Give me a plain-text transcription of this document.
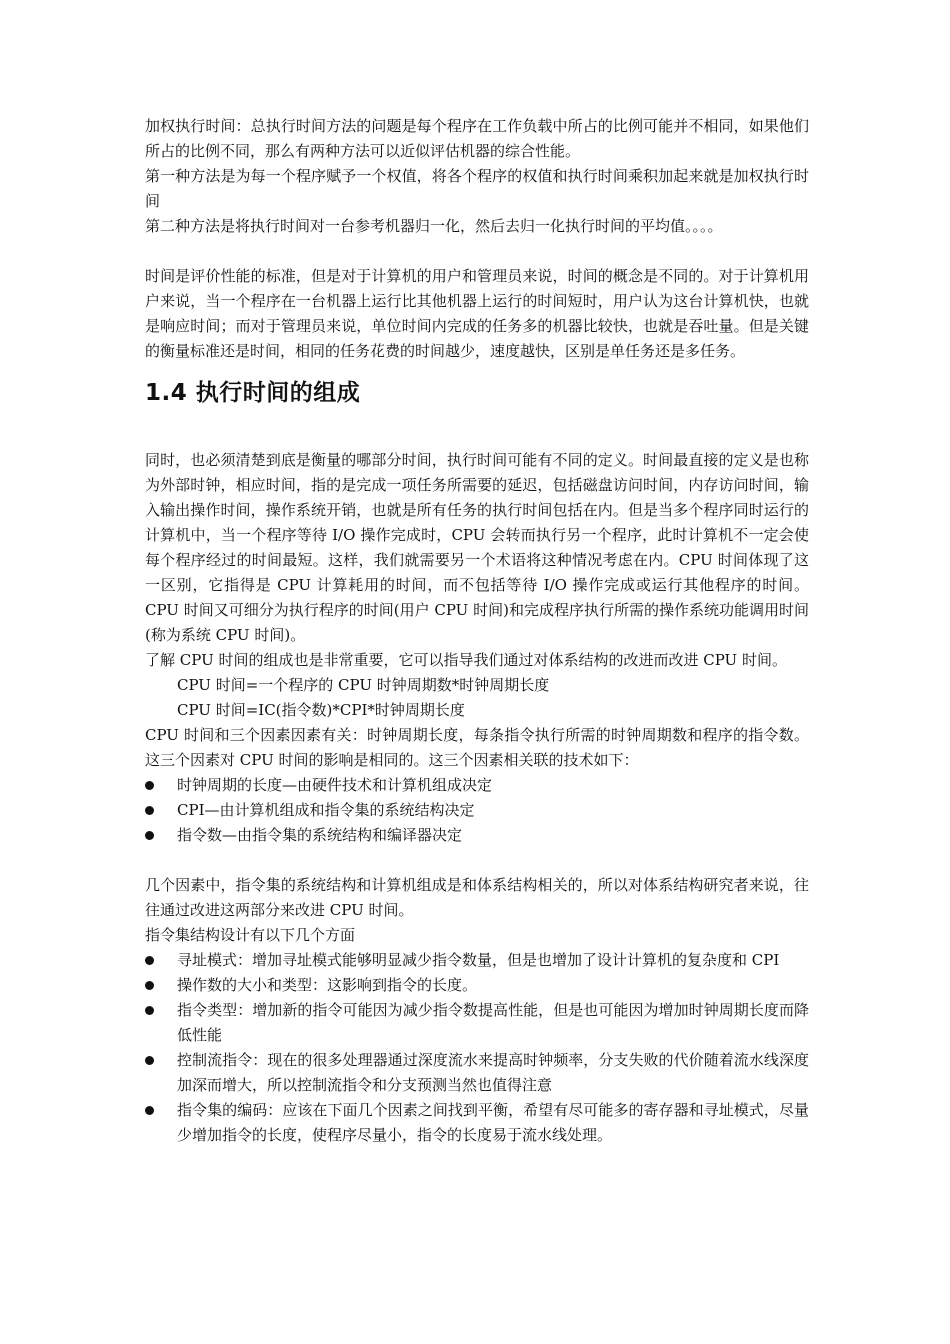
加权执行时间：总执行时间方法的问题是每个程序在工作负载中所占的比例可能并不相同，如果他们所占的比例不同，那么有两种方法可以近似评估机器的综合性能。

第一种方法是为每一个程序赋予一个权值，将各个程序的权值和执行时间乘积加起来就是加权执行时间

第二种方法是将执行时间对一台参考机器归一化，然后去归一化执行时间的平均值。。。。

时间是评价性能的标准，但是对于计算机的用户和管理员来说，时间的概念是不同的。对于计算机用户来说，当一个程序在一台机器上运行比其他机器上运行的时间短时，用户认为这台计算机快，也就是响应时间；而对于管理员来说，单位时间内完成的任务多的机器比较快，也就是吞吐量。但是关键的衡量标准还是时间，相同的任务花费的时间越少，速度越快，区别是单任务还是多任务。

1.4 执行时间的组成

同时，也必须清楚到底是衡量的哪部分时间，执行时间可能有不同的定义。时间最直接的定义是也称为外部时钟，相应时间，指的是完成一项任务所需要的延迟，包括磁盘访问时间，内存访问时间，输入输出操作时间，操作系统开销，也就是所有任务的执行时间包括在内。但是当多个程序同时运行的计算机中，当一个程序等待 I/O 操作完成时，CPU 会转而执行另一个程序，此时计算机不一定会使每个程序经过的时间最短。这样，我们就需要另一个术语将这种情况考虑在内。CPU 时间体现了这一区别，它指得是 CPU 计算耗用的时间，而不包括等待 I/O 操作完成或运行其他程序的时间。CPU 时间又可细分为执行程序的时间(用户 CPU 时间)和完成程序执行所需的操作系统功能调用时间(称为系统 CPU 时间)。

了解 CPU 时间的组成也是非常重要，它可以指导我们通过对体系结构的改进而改进 CPU 时间。

CPU 时间=一个程序的 CPU 时钟周期数*时钟周期长度

CPU 时间=IC(指令数)*CPI*时钟周期长度

CPU 时间和三个因素因素有关：时钟周期长度，每条指令执行所需的时钟周期数和程序的指令数。这三个因素对 CPU 时间的影响是相同的。这三个因素相关联的技术如下：

时钟周期的长度—由硬件技术和计算机组成决定
CPI—由计算机组成和指令集的系统结构决定
指令数—由指令集的系统结构和编译器决定

几个因素中，指令集的系统结构和计算机组成是和体系结构相关的，所以对体系结构研究者来说，往往通过改进这两部分来改进 CPU 时间。

指令集结构设计有以下几个方面

寻址模式：增加寻址模式能够明显减少指令数量，但是也增加了设计计算机的复杂度和 CPI
操作数的大小和类型：这影响到指令的长度。
指令类型：增加新的指令可能因为减少指令数提高性能，但是也可能因为增加时钟周期长度而降低性能
控制流指令：现在的很多处理器通过深度流水来提高时钟频率，分支失败的代价随着流水线深度加深而增大，所以控制流指令和分支预测当然也值得注意
指令集的编码：应该在下面几个因素之间找到平衡，希望有尽可能多的寄存器和寻址模式，尽量少增加指令的长度，使程序尽量小，指令的长度易于流水线处理。
